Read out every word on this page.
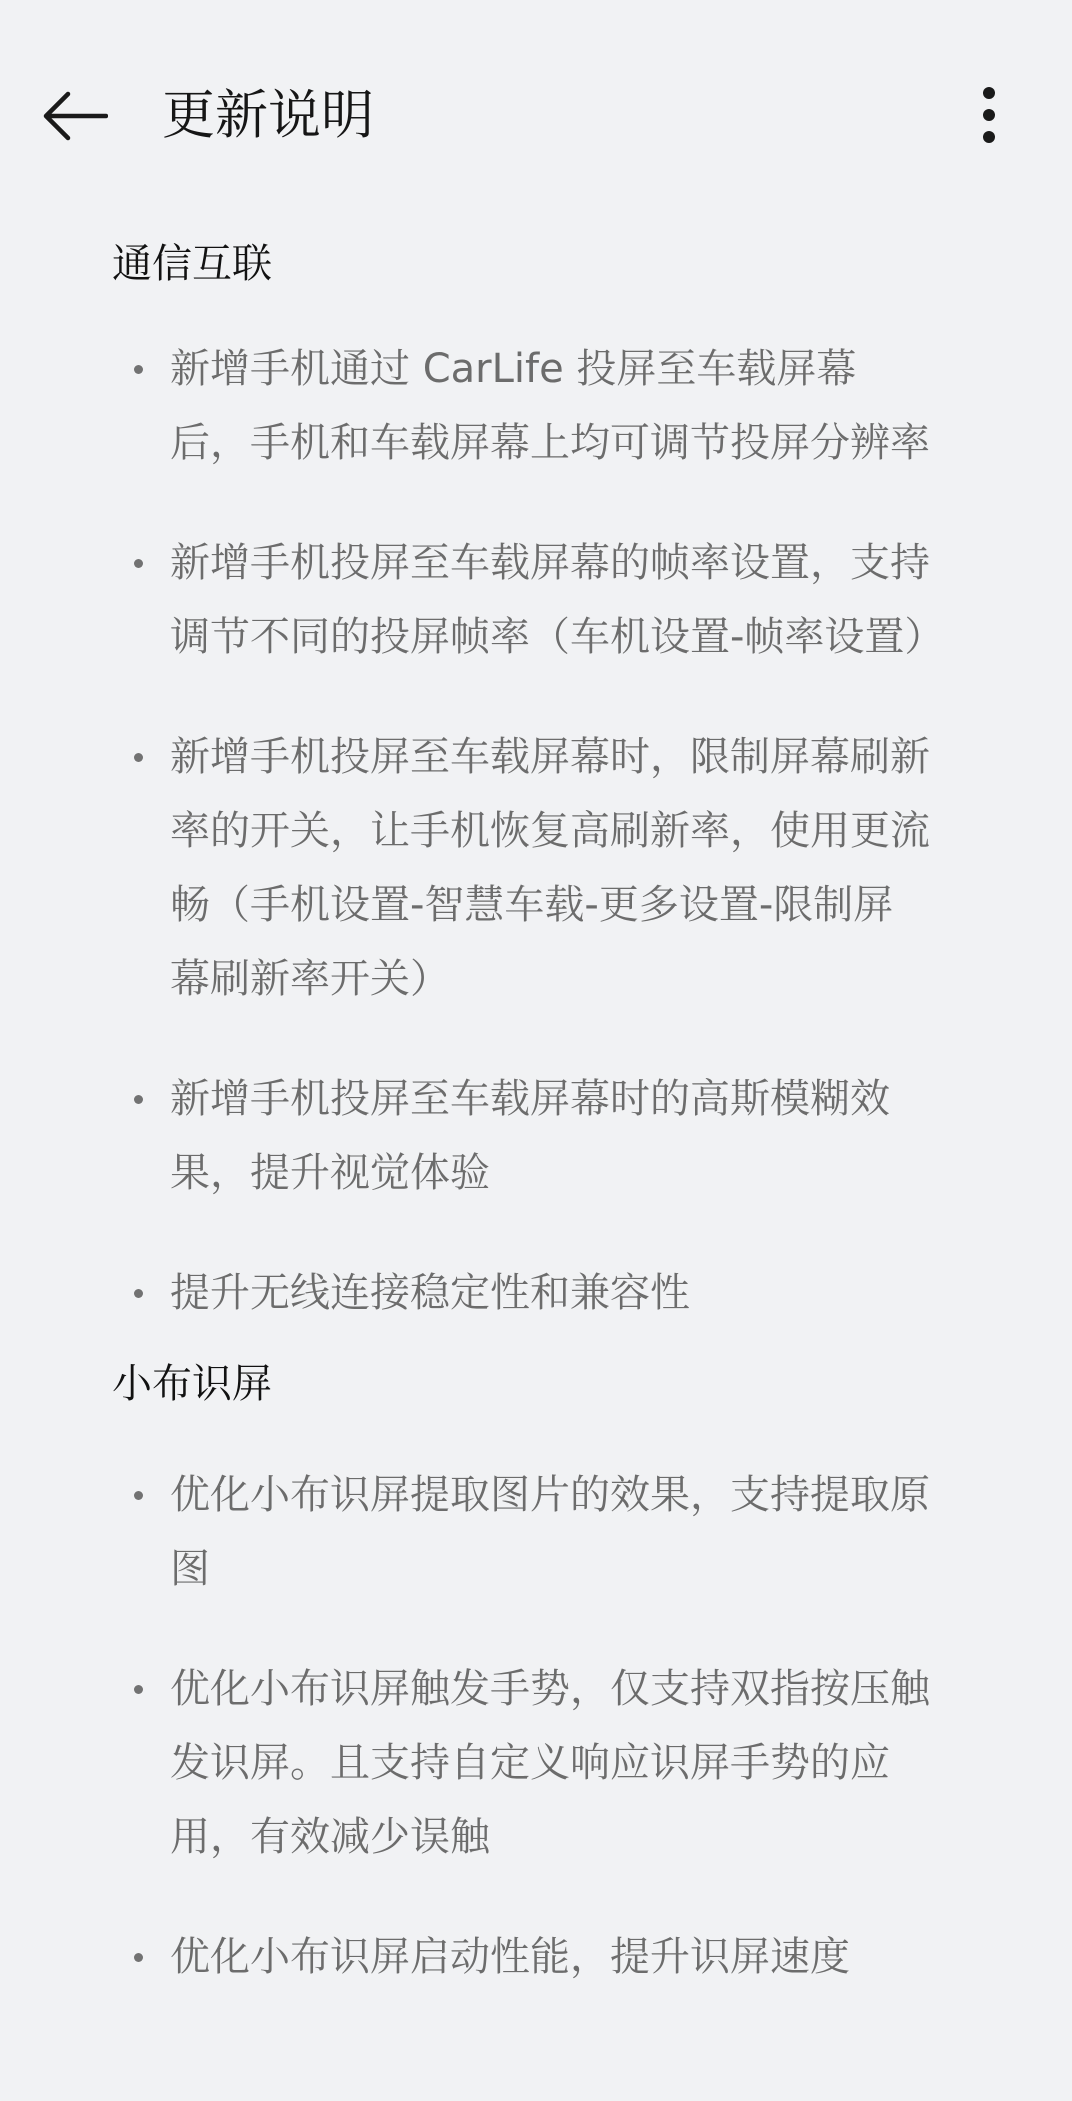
更新说明
通信互联
新增手机通过 CarLife 投屏至车载屏幕后，手机和车载屏幕上均可调节投屏分辨率
新增手机投屏至车载屏幕的帧率设置，支持调节不同的投屏帧率（车机设置-帧率设置）
新增手机投屏至车载屏幕时，限制屏幕刷新率的开关，让手机恢复高刷新率，使用更流畅（手机设置-智慧车载-更多设置-限制屏幕刷新率开关）
新增手机投屏至车载屏幕时的高斯模糊效果，提升视觉体验
提升无线连接稳定性和兼容性
小布识屏
优化小布识屏提取图片的效果，支持提取原图
优化小布识屏触发手势，仅支持双指按压触发识屏。且支持自定义响应识屏手势的应用，有效减少误触
优化小布识屏启动性能，提升识屏速度
